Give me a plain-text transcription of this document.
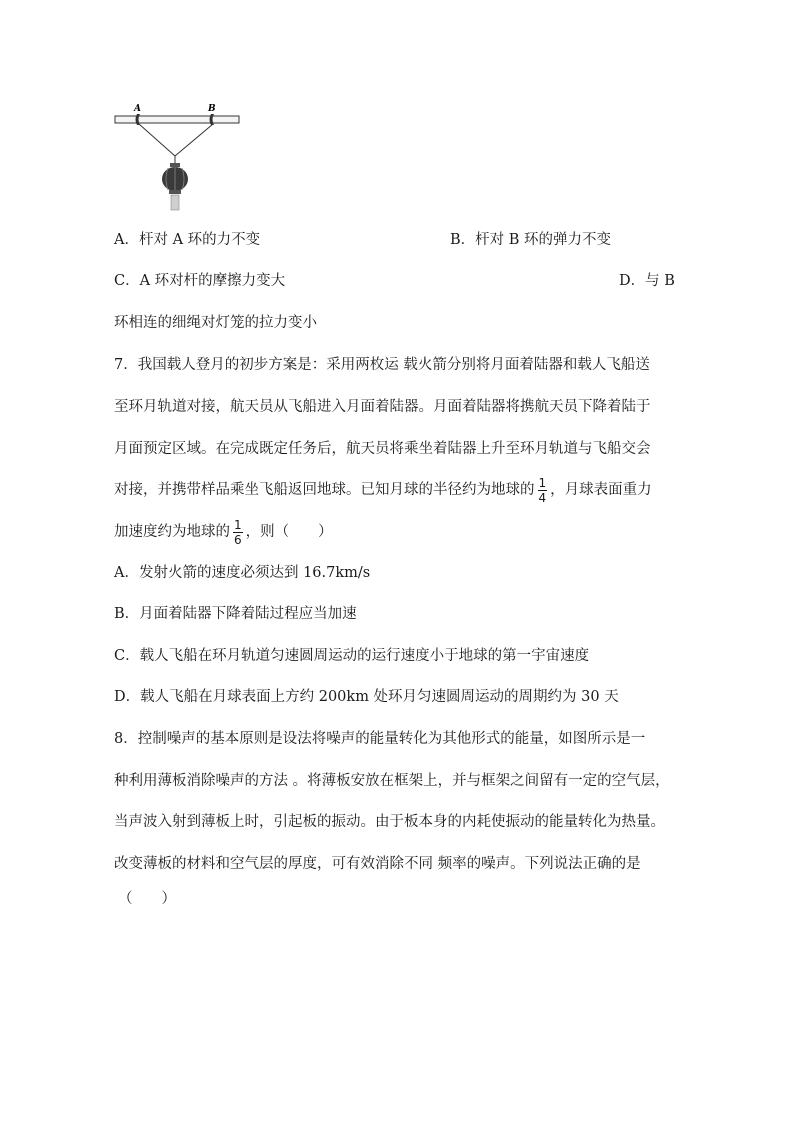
A	B
A．杆对 A 环的力不变	B．杆对 B 环的弹力不变
C．A 环对杆的摩擦力变大	D．与 B
环相连的细绳对灯笼的拉力变小
7．我国载人登月的初步方案是：采用两枚运 载火箭分别将月面着陆器和载人飞船送
至环月轨道对接，航天员从飞船进入月面着陆器。月面着陆器将携航天员下降着陆于
月面预定区域。在完成既定任务后，航天员将乘坐着陆器上升至环月轨道与飞船交会
对接，并携带样品乘坐飞船返回地球。已知月球的半径约为地球的 $\frac{1}{4}$ ，月球表面重力
加速度约为地球的 $\frac{1}{6}$ ，则（　　）
A．发射火箭的速度必须达到 16.7km/s
B．月面着陆器下降着陆过程应当加速
C．载人飞船在环月轨道匀速圆周运动的运行速度小于地球的第一宇宙速度
D．载人飞船在月球表面上方约 200km 处环月匀速圆周运动的周期约为 30 天
8．控制噪声的基本原则是设法将噪声的能量转化为其他形式的能量，如图所示是一
种利用薄板消除噪声的方法 。将薄板安放在框架上，并与框架之间留有一定的空气层，
当声波入射到薄板上时，引起板的振动。由于板本身的内耗使振动的能量转化为热量。
改变薄板的材料和空气层的厚度，可有效消除不同 频率的噪声。下列说法正确的是
（　　）
